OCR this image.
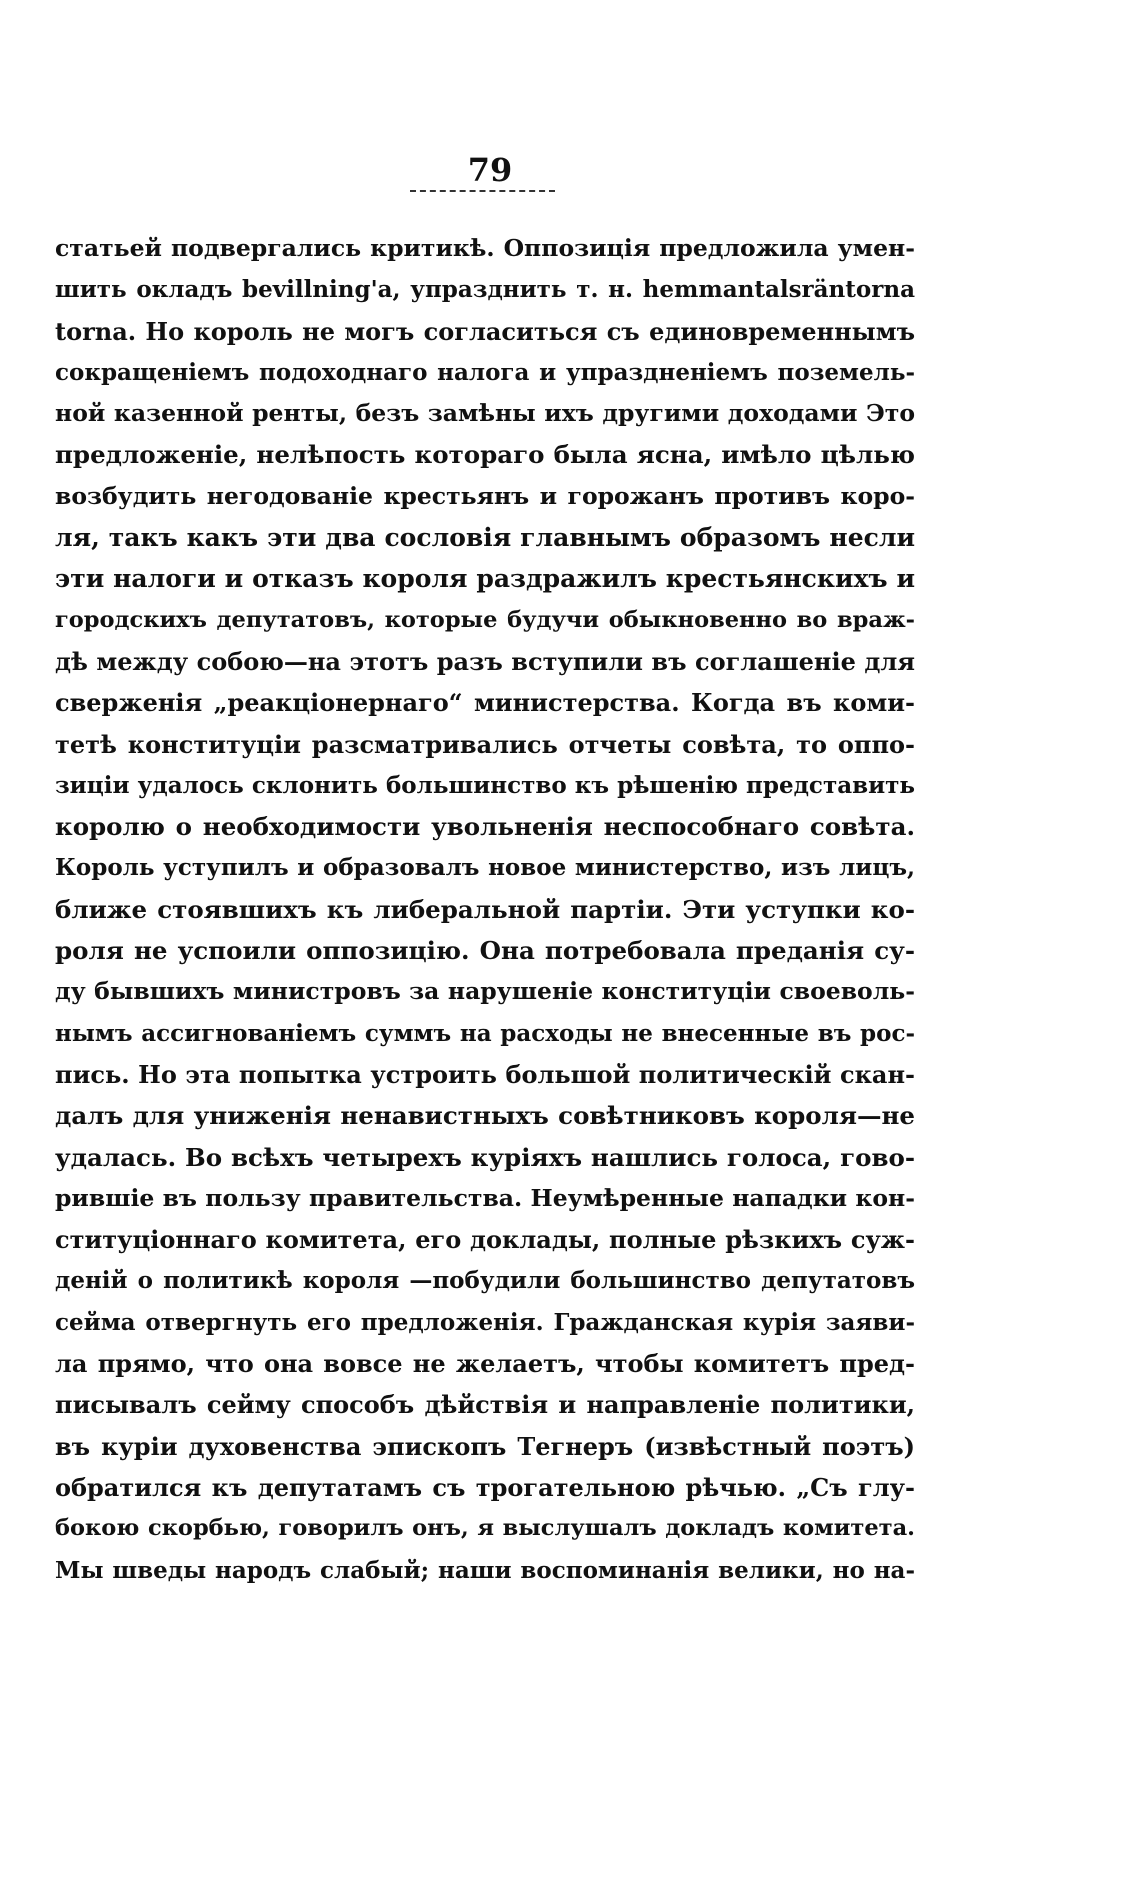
79
статьей подвергались критикѣ. Оппозиція предложила умен-
шить окладъ bevillning'a, упразднить т. н. hemmantalsräntorna
torna. Но король не могъ согласиться съ единовременнымъ
сокращеніемъ подоходнаго налога и упраздненіемъ поземель-
ной казенной ренты, безъ замѣны ихъ другими доходами Это
предложеніе, нелѣпость котораго была ясна, имѣло цѣлью
возбудить негодованіе крестьянъ и горожанъ противъ коро-
ля, такъ какъ эти два сословія главнымъ образомъ несли
эти налоги и отказъ короля раздражилъ крестьянскихъ и
городскихъ депутатовъ, которые будучи обыкновенно во враж-
дѣ между собою—на этотъ разъ вступили въ соглашеніе для
сверженія „реакціонернаго“ министерства. Когда въ коми-
тетѣ конституціи разсматривались отчеты совѣта, то оппо-
зиціи удалось склонить большинство къ рѣшенію представить
королю о необходимости увольненія неспособнаго совѣта.
Король уступилъ и образовалъ новое министерство, изъ лицъ,
ближе стоявшихъ къ либеральной партіи. Эти уступки ко-
роля не успоили оппозицію. Она потребовала преданія су-
ду бывшихъ министровъ за нарушеніе конституціи своеволь-
нымъ ассигнованіемъ суммъ на расходы не внесенные въ рос-
пись. Но эта попытка устроить большой политическій скан-
далъ для униженія ненавистныхъ совѣтниковъ короля—не
удалась. Во всѣхъ четырехъ куріяхъ нашлись голоса, гово-
рившіе въ пользу правительства. Неумѣренные нападки кон-
ституціоннаго комитета, его доклады, полные рѣзкихъ суж-
деній о политикѣ короля —побудили большинство депутатовъ
сейма отвергнуть его предложенія. Гражданская курія заяви-
ла прямо, что она вовсе не желаетъ, чтобы комитетъ пред-
писывалъ сейму способъ дѣйствія и направленіе политики,
въ куріи духовенства эпископъ Тегнеръ (извѣстный поэтъ)
обратился къ депутатамъ съ трогательною рѣчью. „Съ глу-
бокою скорбью, говорилъ онъ, я выслушалъ докладъ комитета.
Мы шведы народъ слабый; наши воспоминанія велики, но на-
